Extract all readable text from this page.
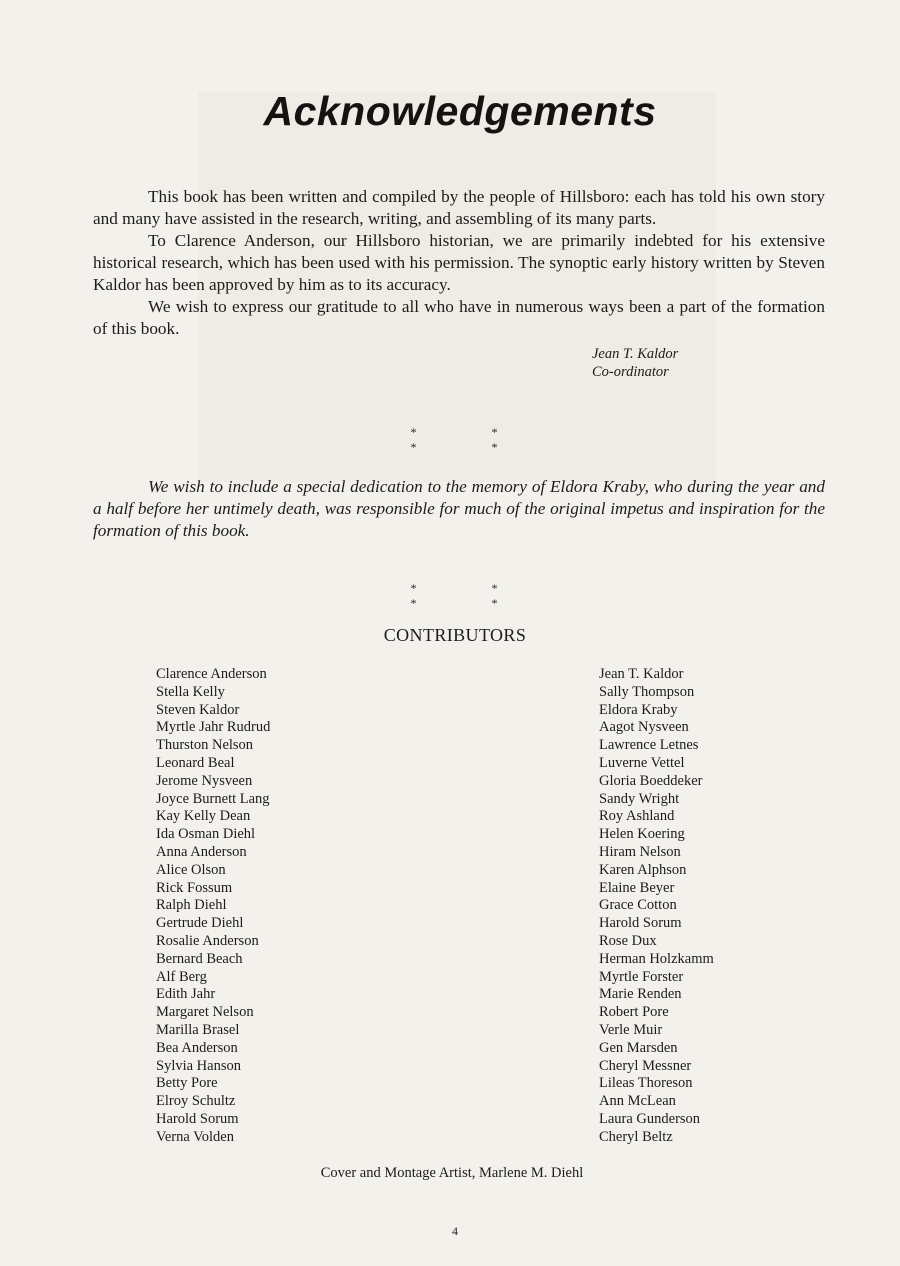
Acknowledgements

This book has been written and compiled by the people of Hillsboro: each has told his own story and many have assisted in the research, writing, and assembling of its many parts.

To Clarence Anderson, our Hillsboro historian, we are primarily indebted for his extensive historical research, which has been used with his permission. The synoptic early history written by Steven Kaldor has been approved by him as to its accuracy.

We wish to express our gratitude to all who have in numerous ways been a part of the formation of this book.

Jean T. Kaldor
Co-ordinator
* * * *
We wish to include a special dedication to the memory of Eldora Kraby, who during the year and a half before her untimely death, was responsible for much of the original impetus and inspiration for the formation of this book.
* * * *
CONTRIBUTORS
Clarence Anderson
Stella Kelly
Steven Kaldor
Myrtle Jahr Rudrud
Thurston Nelson
Leonard Beal
Jerome Nysveen
Joyce Burnett Lang
Kay Kelly Dean
Ida Osman Diehl
Anna Anderson
Alice Olson
Rick Fossum
Ralph Diehl
Gertrude Diehl
Rosalie Anderson
Bernard Beach
Alf Berg
Edith Jahr
Margaret Nelson
Marilla Brasel
Bea Anderson
Sylvia Hanson
Betty Pore
Elroy Schultz
Harold Sorum
Verna Volden
Jean T. Kaldor
Sally Thompson
Eldora Kraby
Aagot Nysveen
Lawrence Letnes
Luverne Vettel
Gloria Boeddeker
Sandy Wright
Roy Ashland
Helen Koering
Hiram Nelson
Karen Alphson
Elaine Beyer
Grace Cotton
Harold Sorum
Rose Dux
Herman Holzkamm
Myrtle Forster
Marie Renden
Robert Pore
Verle Muir
Gen Marsden
Cheryl Messner
Lileas Thoreson
Ann McLean
Laura Gunderson
Cheryl Beltz
Cover and Montage Artist, Marlene M. Diehl
4
